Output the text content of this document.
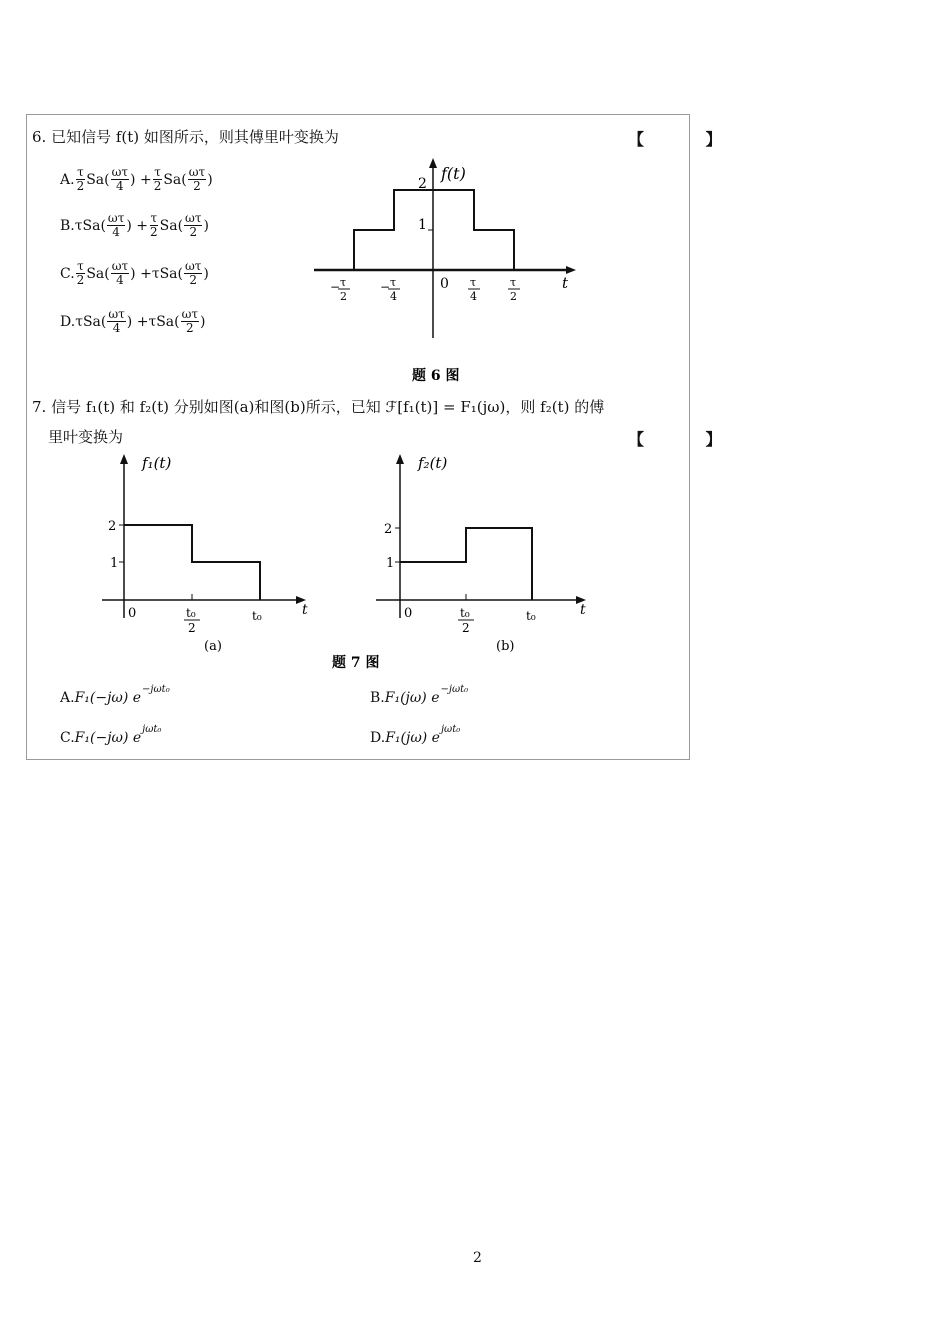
6. 已知信号 f(t) 如图所示，则其傅里叶变换为	【 】
A. $\frac{\tau}{2} Sa( \frac{\omega\tau}{4}$ ) + $\frac{\tau}{2} Sa( \frac{\omega\tau}{2}$ )
B. τ $Sa( \frac{\omega\tau}{4}$ ) + $\frac{\tau}{2} Sa( \frac{\omega\tau}{2}$ )
C. $\frac{\tau}{2} Sa( \frac{\omega\tau}{4}$ ) + τ $Sa( \frac{\omega\tau}{2}$ )
D. τ $Sa( \frac{\omega\tau}{4}$ ) + τ $Sa( \frac{\omega\tau}{2}$ )
2
1
f(t)
t
0
− τ
2
− τ
4
τ
4
τ
2
题 6 图
7. 信号 f₁(t) 和 f₂(t) 分别如图(a)和图(b)所示，已知 ℱ[f₁(t)] = F₁(jω)，则 f₂(t) 的傅
里叶变换为	【 】
f₁(t)
2
1
0	t₀
2
t₀	t
(a)
f₂(t)
2
1
0	t₀
2
t₀	t
(b)
题 7 图
A. F₁(−jω) e
−jωt₀
B. F₁(jω) e
−jωt₀
C. F₁(−jω) e
jωt₀
D. F₁(jω) e
jωt₀
2
